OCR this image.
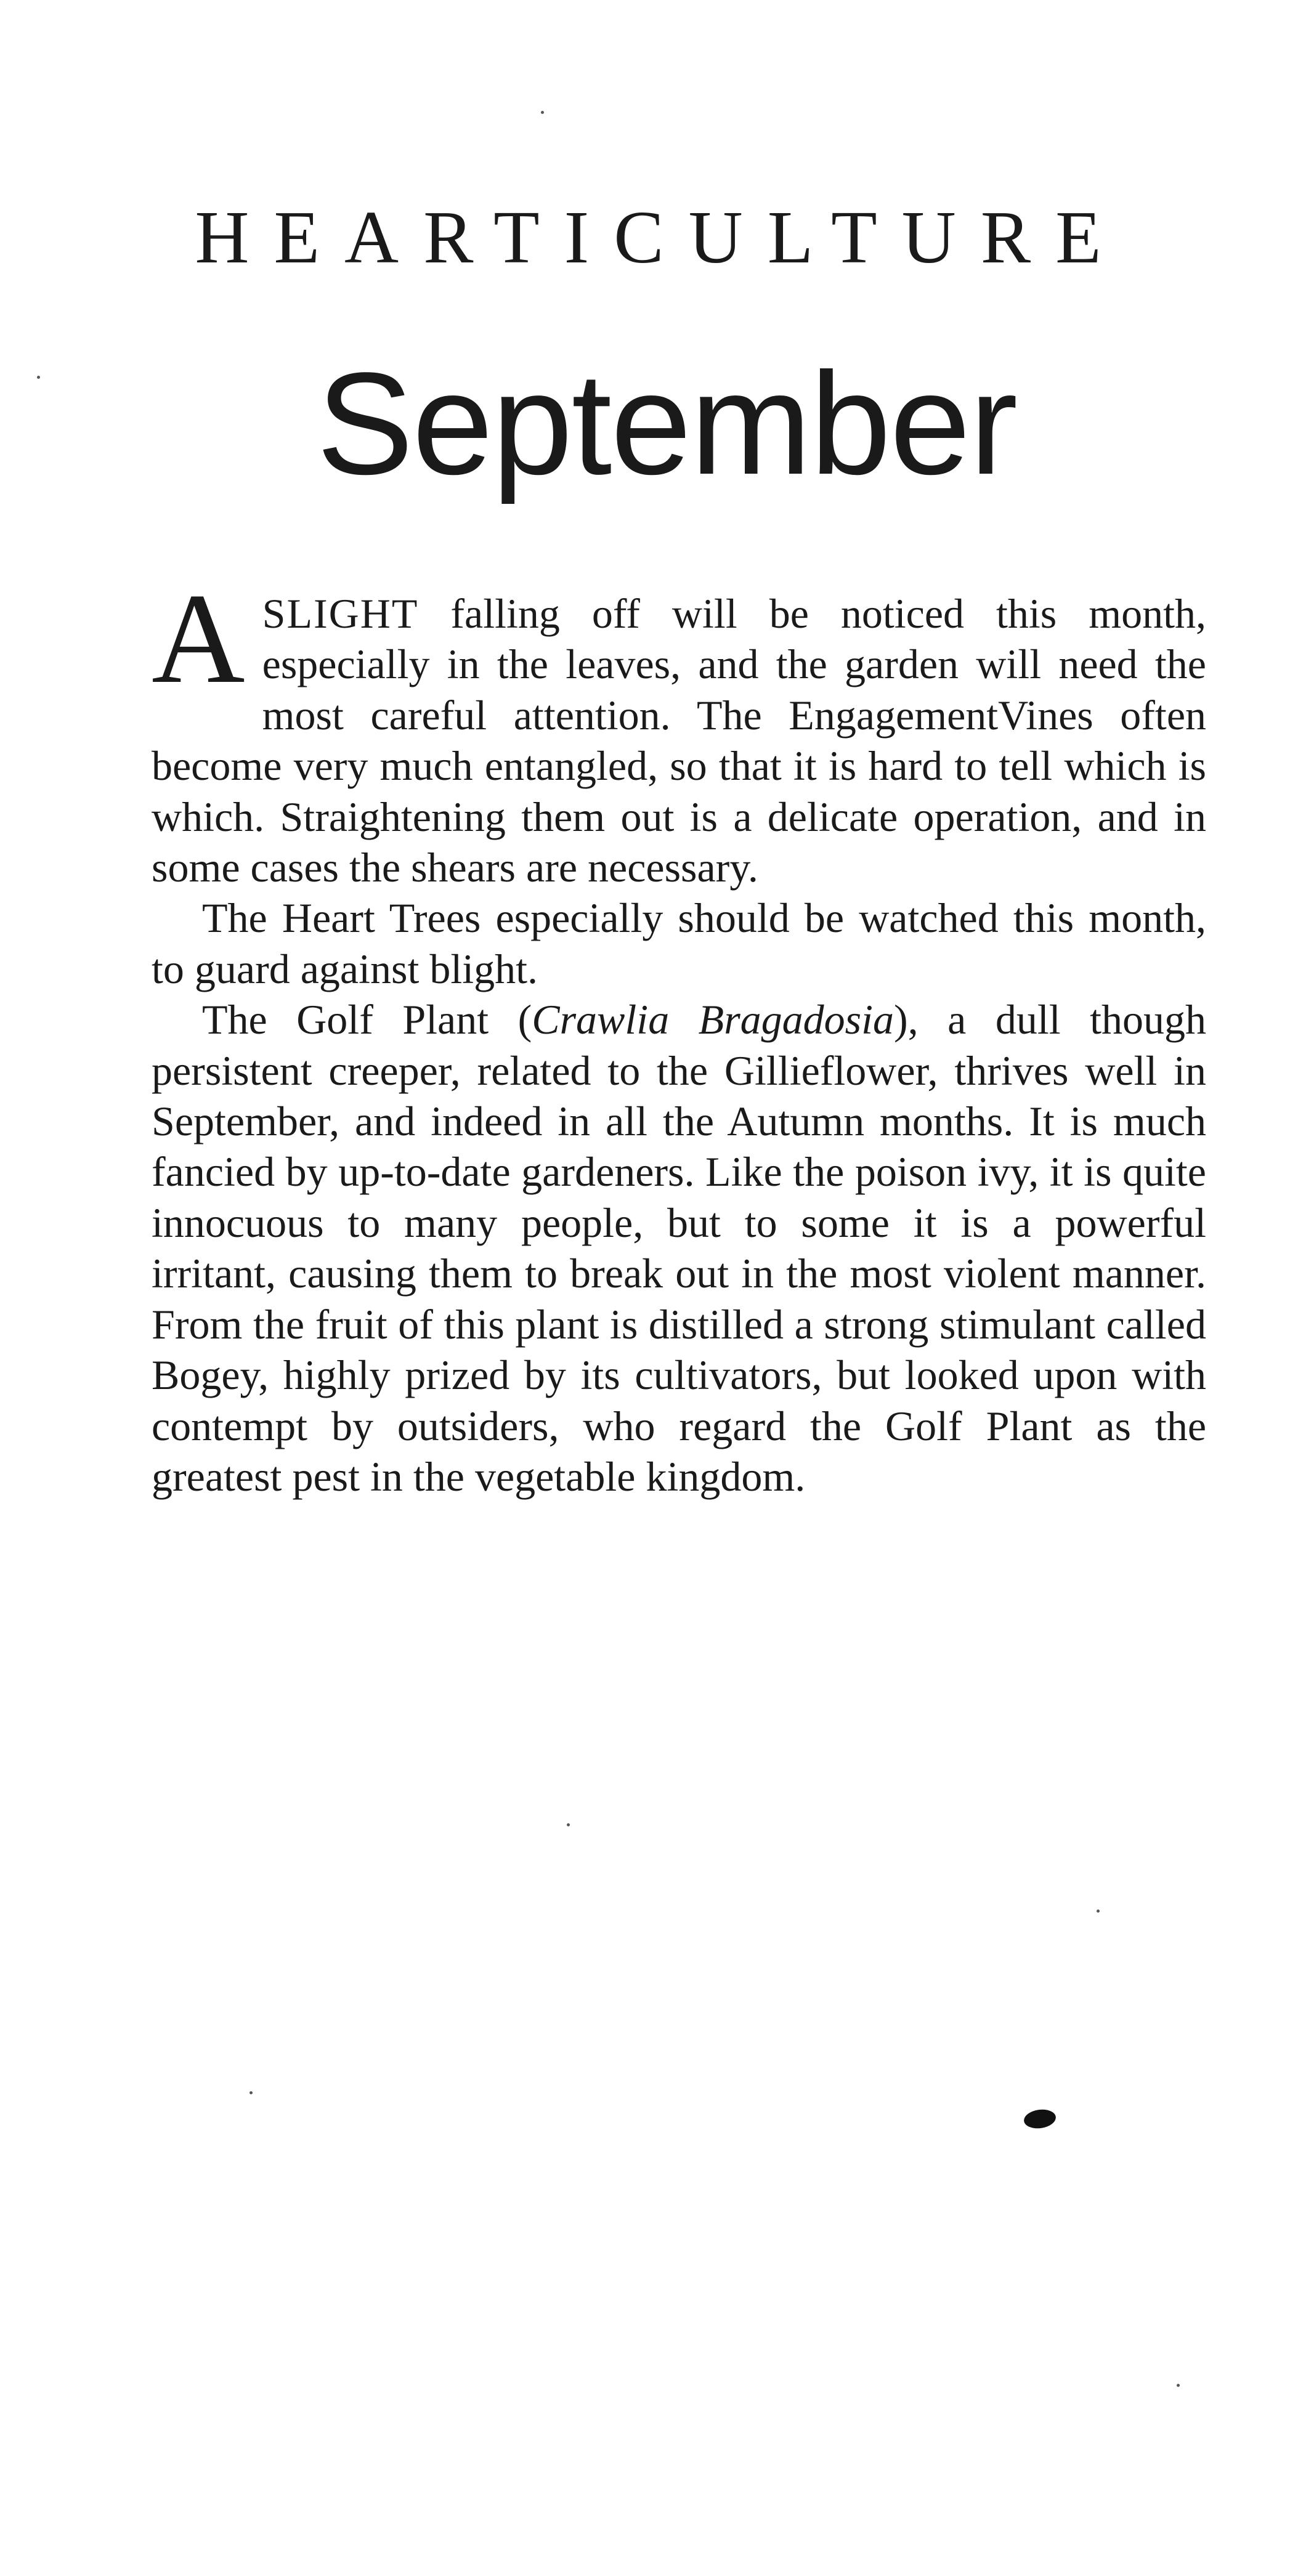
HEARTICULTURE
September

ASLIGHT falling off will be noticed this month, especially in the leaves, and the garden will need the most careful attention. The EngagementVines often become very much entangled, so that it is hard to tell which is which. Straightening them out is a delicate operation, and in some cases the shears are necessary.

The Heart Trees especially should be watched this month, to guard against blight.

The Golf Plant (Crawlia Bragadosia), a dull though persistent creeper, related to the Gillieflower, thrives well in September, and indeed in all the Autumn months. It is much fancied by up-to-date gardeners. Like the poison ivy, it is quite innocuous to many people, but to some it is a powerful irritant, causing them to break out in the most violent manner. From the fruit of this plant is distilled a strong stimulant called Bogey, highly prized by its cultivators, but looked upon with contempt by outsiders, who regard the Golf Plant as the greatest pest in the vegetable kingdom.
